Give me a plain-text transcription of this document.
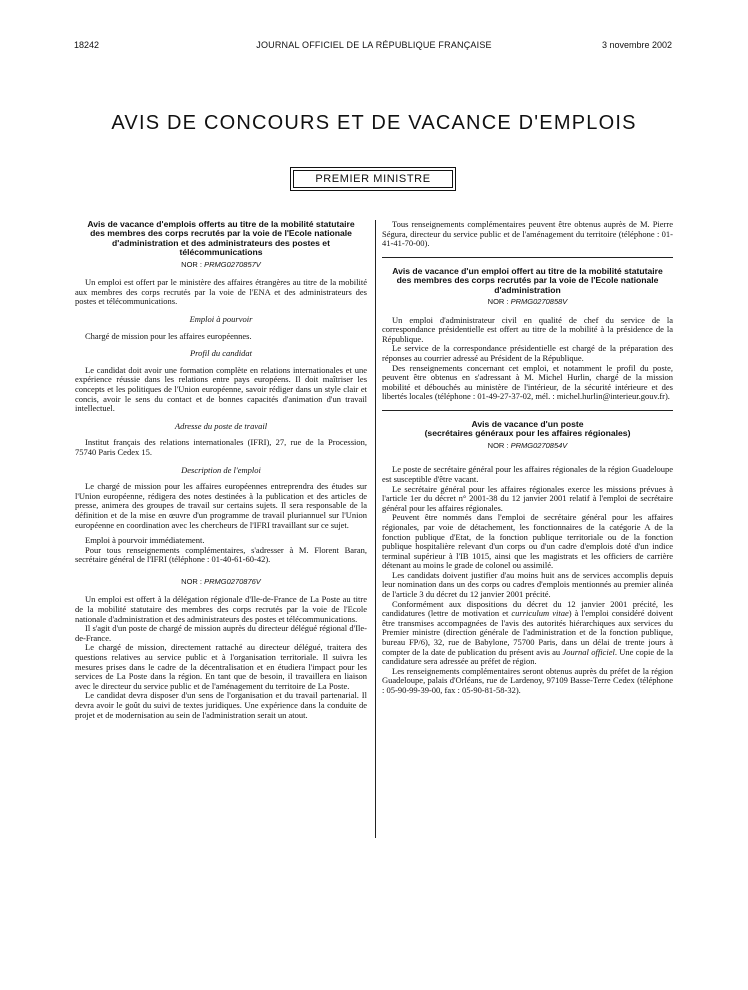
18242	JOURNAL OFFICIEL DE LA RÉPUBLIQUE FRANÇAISE	3 novembre 2002
AVIS DE CONCOURS ET DE VACANCE D'EMPLOIS
PREMIER MINISTRE
Avis de vacance d'emplois offerts au titre de la mobilité statutaire des membres des corps recrutés par la voie de l'Ecole nationale d'administration et des administrateurs des postes et télécommunications
NOR : PRMG0270857V

Un emploi est offert par le ministère des affaires étrangères au titre de la mobilité aux membres des corps recrutés par la voie de l'ENA et des administrateurs des postes et télécommunications.

Emploi à pourvoir

Chargé de mission pour les affaires européennes.

Profil du candidat

Le candidat doit avoir une formation complète en relations internationales et une expérience réussie dans les relations entre pays européens. Il doit maîtriser les concepts et les politiques de l'Union européenne, savoir rédiger dans un style clair et concis, avoir le sens du contact et de bonnes capacités d'animation d'un travail intellectuel.

Adresse du poste de travail

Institut français des relations internationales (IFRI), 27, rue de la Procession, 75740 Paris Cedex 15.

Description de l'emploi

Le chargé de mission pour les affaires européennes entreprendra des études sur l'Union européenne, rédigera des notes destinées à la publication et des articles de presse, animera des groupes de travail sur certains sujets. Il sera responsable de la définition et de la mise en œuvre d'un programme de travail pluriannuel sur l'Union européenne en coordination avec les chercheurs de l'IFRI travaillant sur ce sujet.

Emploi à pourvoir immédiatement.

Pour tous renseignements complémentaires, s'adresser à M. Florent Baran, secrétaire général de l'IFRI (téléphone : 01-40-61-60-42).

NOR : PRMG0270876V

Un emploi est offert à la délégation régionale d'Ile-de-France de La Poste au titre de la mobilité statutaire des membres des corps recrutés par la voie de l'Ecole nationale d'administration et des administrateurs des postes et télécommunications.

Il s'agit d'un poste de chargé de mission auprès du directeur délégué régional d'Ile-de-France.

Le chargé de mission, directement rattaché au directeur délégué, traitera des questions relatives au service public et à l'organisation territoriale. Il suivra les mesures prises dans le cadre de la décentralisation et en étudiera l'impact pour les services de La Poste dans la région. En tant que de besoin, il travaillera en liaison avec le directeur du service public et de l'aménagement du territoire de La Poste.

Le candidat devra disposer d'un sens de l'organisation et du travail partenarial. Il devra avoir le goût du suivi de textes juridiques. Une expérience dans la conduite de projet et de modernisation au sein de l'administration serait un atout.

Tous renseignements complémentaires peuvent être obtenus auprès de M. Pierre Ségura, directeur du service public et de l'aménagement du territoire (téléphone : 01-41-41-70-00).

Avis de vacance d'un emploi offert au titre de la mobilité statutaire des membres des corps recrutés par la voie de l'Ecole nationale d'administration
NOR : PRMG0270858V

Un emploi d'administrateur civil en qualité de chef du service de la correspondance présidentielle est offert au titre de la mobilité à la présidence de la République.

Le service de la correspondance présidentielle est chargé de la préparation des réponses au courrier adressé au Président de la République.

Des renseignements concernant cet emploi, et notamment le profil du poste, peuvent être obtenus en s'adressant à M. Michel Hurlin, chargé de la mission mobilité et débouchés au ministère de l'intérieur, de la sécurité intérieure et des libertés locales (téléphone : 01-49-27-37-02, mél. : michel.hurlin@interieur.gouv.fr).

Avis de vacance d'un poste
(secrétaires généraux pour les affaires régionales)
NOR : PRMG0270854V

Le poste de secrétaire général pour les affaires régionales de la région Guadeloupe est susceptible d'être vacant.

Le secrétaire général pour les affaires régionales exerce les missions prévues à l'article 1er du décret n° 2001-38 du 12 janvier 2001 relatif à l'emploi de secrétaire général pour les affaires régionales.

Peuvent être nommés dans l'emploi de secrétaire général pour les affaires régionales, par voie de détachement, les fonctionnaires de la catégorie A de la fonction publique d'Etat, de la fonction publique territoriale ou de la fonction publique hospitalière relevant d'un corps ou d'un cadre d'emplois doté d'un indice terminal supérieur à l'IB 1015, ainsi que les magistrats et les officiers de carrière détenant au moins le grade de colonel ou assimilé.

Les candidats doivent justifier d'au moins huit ans de services accomplis depuis leur nomination dans un des corps ou cadres d'emplois mentionnés au premier alinéa de l'article 3 du décret du 12 janvier 2001 précité.

Conformément aux dispositions du décret du 12 janvier 2001 précité, les candidatures (lettre de motivation et curriculum vitae) à l'emploi considéré doivent être transmises accompagnées de l'avis des autorités hiérarchiques aux services du Premier ministre (direction générale de l'administration et de la fonction publique, bureau FP/6), 32, rue de Babylone, 75700 Paris, dans un délai de trente jours à compter de la date de publication du présent avis au Journal officiel. Une copie de la candidature sera adressée au préfet de région.

Les renseignements complémentaires seront obtenus auprès du préfet de la région Guadeloupe, palais d'Orléans, rue de Lardenoy, 97109 Basse-Terre Cedex (téléphone : 05-90-99-39-00, fax : 05-90-81-58-32).
